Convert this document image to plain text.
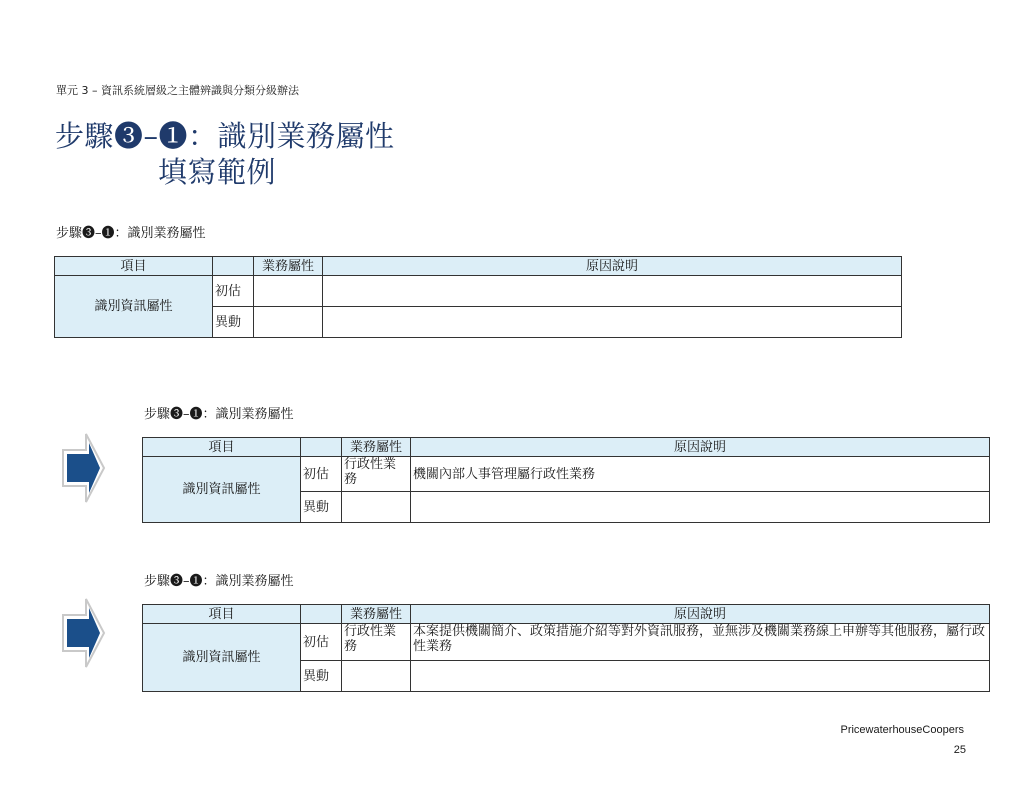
單元 3 – 資訊系統層級之主體辨識與分類分級辦法
步驟❸–❶：識別業務屬性
填寫範例
步驟❸–❶：識別業務屬性
項目		業務屬性	原因說明
識別資訊屬性	初估		
	異動		
步驟❸–❶：識別業務屬性
項目		業務屬性	原因說明
識別資訊屬性	初估	行政性業務	機關內部人事管理屬行政性業務
	異動		
步驟❸–❶：識別業務屬性
項目		業務屬性	原因說明
識別資訊屬性	初估	行政性業務	本案提供機關簡介、政策措施介紹等對外資訊服務，並無涉及機關業務線上申辦等其他服務，屬行政性業務
	異動		
PricewaterhouseCoopers
25
